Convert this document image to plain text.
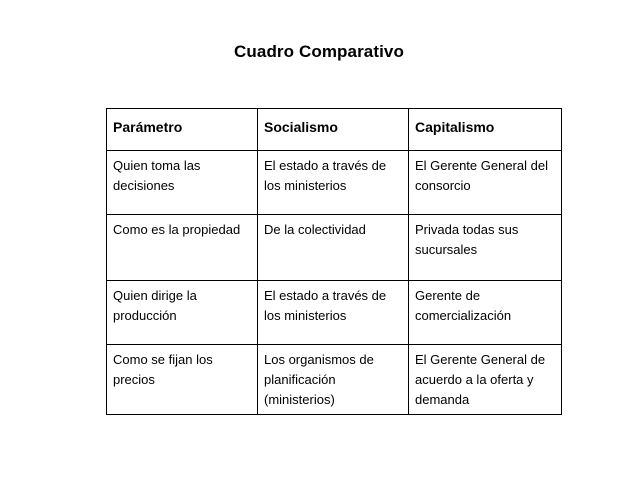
Cuadro Comparativo
Parámetro	Socialismo	Capitalismo
Quien toma las decisiones	El estado a través de los ministerios	El Gerente General del consorcio
Como es la propiedad	De la colectividad	Privada todas sus sucursales
Quien dirige la producción	El estado a través de los ministerios	Gerente de comercialización
Como se fijan los precios	Los organismos de planificación (ministerios)	El Gerente General de acuerdo a la oferta y demanda
